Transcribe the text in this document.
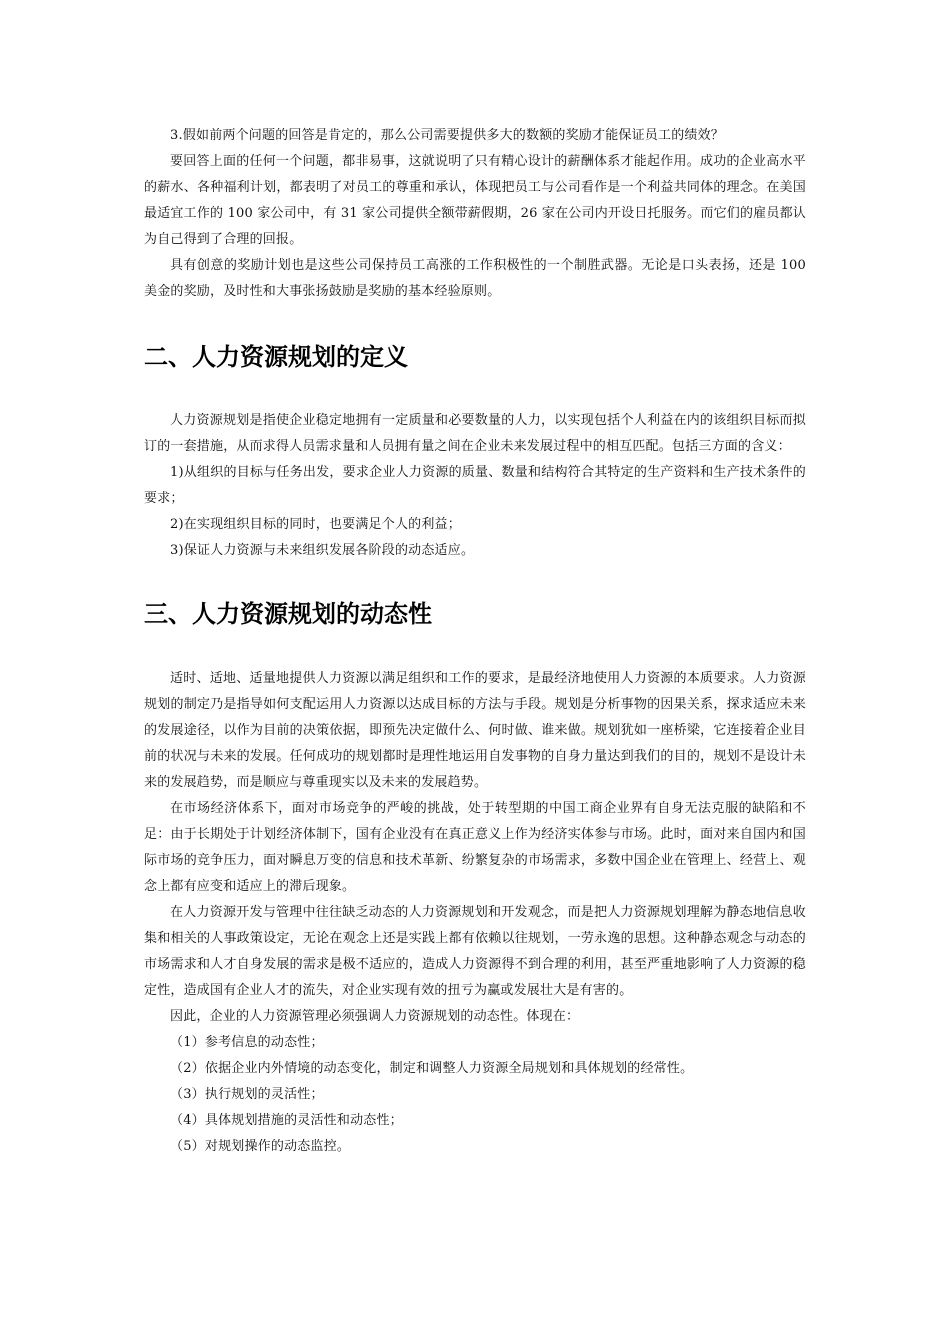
3.假如前两个问题的回答是肯定的，那么公司需要提供多大的数额的奖励才能保证员工的绩效？

要回答上面的任何一个问题，都非易事，这就说明了只有精心设计的薪酬体系才能起作用。成功的企业高水平的薪水、各种福利计划，都表明了对员工的尊重和承认，体现把员工与公司看作是一个利益共同体的理念。在美国最适宜工作的 100 家公司中，有 31 家公司提供全额带薪假期，26 家在公司内开设日托服务。而它们的雇员都认为自己得到了合理的回报。

具有创意的奖励计划也是这些公司保持员工高涨的工作积极性的一个制胜武器。无论是口头表扬，还是 100 美金的奖励，及时性和大事张扬鼓励是奖励的基本经验原则。

二、人力资源规划的定义

人力资源规划是指使企业稳定地拥有一定质量和必要数量的人力，以实现包括个人利益在内的该组织目标而拟订的一套措施，从而求得人员需求量和人员拥有量之间在企业未来发展过程中的相互匹配。包括三方面的含义：

1)从组织的目标与任务出发，要求企业人力资源的质量、数量和结构符合其特定的生产资料和生产技术条件的要求；

2)在实现组织目标的同时，也要满足个人的利益；

3)保证人力资源与未来组织发展各阶段的动态适应。

三、人力资源规划的动态性

适时、适地、适量地提供人力资源以满足组织和工作的要求，是最经济地使用人力资源的本质要求。人力资源规划的制定乃是指导如何支配运用人力资源以达成目标的方法与手段。规划是分析事物的因果关系，探求适应未来的发展途径，以作为目前的决策依据，即预先决定做什么、何时做、谁来做。规划犹如一座桥梁，它连接着企业目前的状况与未来的发展。任何成功的规划都时是理性地运用自发事物的自身力量达到我们的目的，规划不是设计未来的发展趋势，而是顺应与尊重现实以及未来的发展趋势。

在市场经济体系下，面对市场竞争的严峻的挑战，处于转型期的中国工商企业界有自身无法克服的缺陷和不足：由于长期处于计划经济体制下，国有企业没有在真正意义上作为经济实体参与市场。此时，面对来自国内和国际市场的竞争压力，面对瞬息万变的信息和技术革新、纷繁复杂的市场需求，多数中国企业在管理上、经营上、观念上都有应变和适应上的滞后现象。

在人力资源开发与管理中往往缺乏动态的人力资源规划和开发观念，而是把人力资源规划理解为静态地信息收集和相关的人事政策设定，无论在观念上还是实践上都有依赖以往规划，一劳永逸的思想。这种静态观念与动态的市场需求和人才自身发展的需求是极不适应的，造成人力资源得不到合理的利用，甚至严重地影响了人力资源的稳定性，造成国有企业人才的流失，对企业实现有效的扭亏为赢或发展壮大是有害的。

因此，企业的人力资源管理必须强调人力资源规划的动态性。体现在：

（1）参考信息的动态性；

（2）依据企业内外情境的动态变化，制定和调整人力资源全局规划和具体规划的经常性。

（3）执行规划的灵活性；

（4）具体规划措施的灵活性和动态性；

（5）对规划操作的动态监控。
